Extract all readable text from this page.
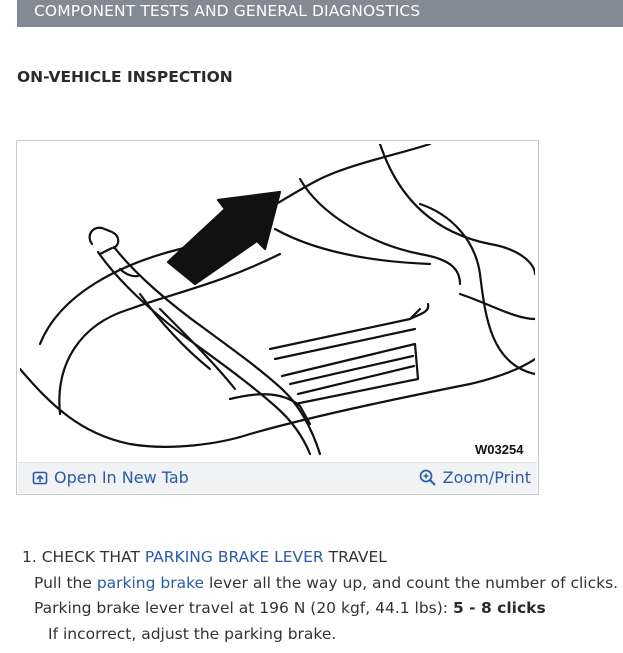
COMPONENT TESTS AND GENERAL DIAGNOSTICS
ON-VEHICLE INSPECTION
W03254
Open In New Tab	Zoom/Print
1. CHECK THAT PARKING BRAKE LEVER TRAVEL
Pull the parking brake lever all the way up, and count the number of clicks.
Parking brake lever travel at 196 N (20 kgf, 44.1 lbs): 5 - 8 clicks
If incorrect, adjust the parking brake.
